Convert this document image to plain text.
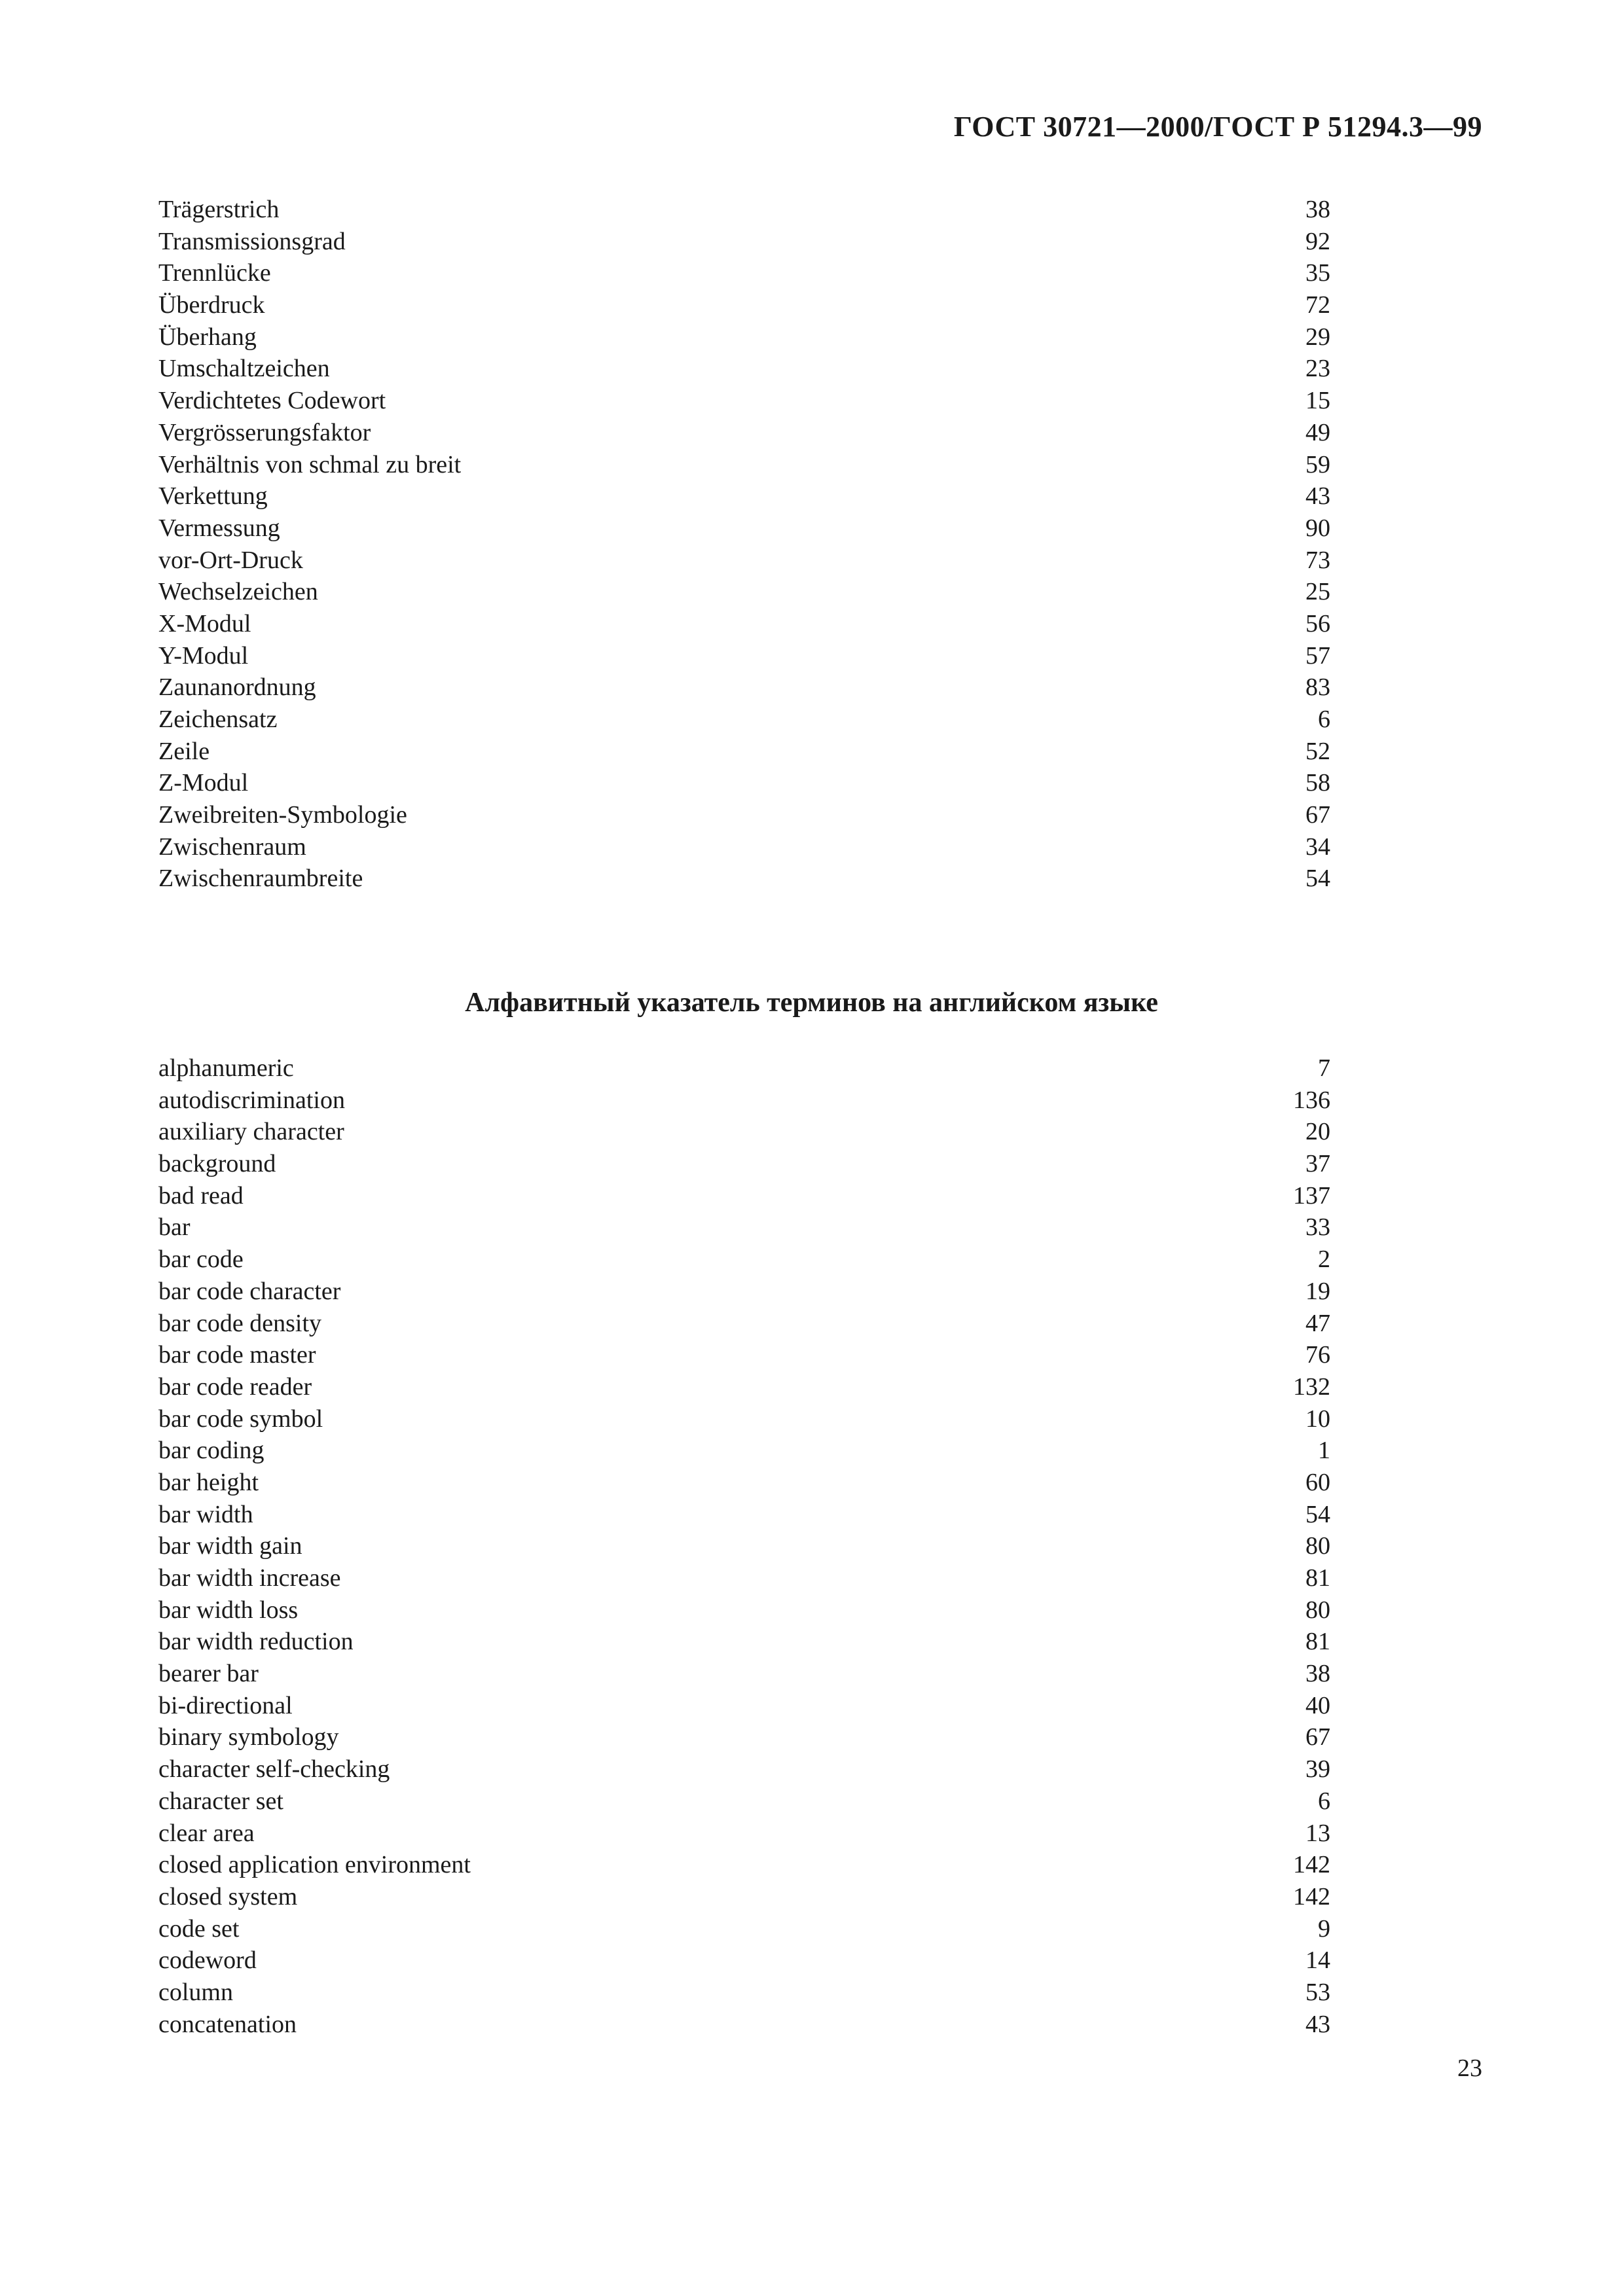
ГОСТ 30721—2000/ГОСТ Р 51294.3—99
Trägerstrich	38
Transmissionsgrad	92
Trennlücke	35
Überdruck	72
Überhang	29
Umschaltzeichen	23
Verdichtetes Codewort	15
Vergrösserungsfaktor	49
Verhältnis von schmal zu breit	59
Verkettung	43
Vermessung	90
vor-Ort-Druck	73
Wechselzeichen	25
X-Modul	56
Y-Modul	57
Zaunanordnung	83
Zeichensatz	6
Zeile	52
Z-Modul	58
Zweibreiten-Symbologie	67
Zwischenraum	34
Zwischenraumbreite	54
Алфавитный указатель терминов на английском языке
alphanumeric	7
autodiscrimination	136
auxiliary character	20
background	37
bad read	137
bar	33
bar code	2
bar code character	19
bar code density	47
bar code master	76
bar code reader	132
bar code symbol	10
bar coding	1
bar height	60
bar width	54
bar width gain	80
bar width increase	81
bar width loss	80
bar width reduction	81
bearer bar	38
bi-directional	40
binary symbology	67
character self-checking	39
character set	6
clear area	13
closed application environment	142
closed system	142
code set	9
codeword	14
column	53
concatenation	43
23
